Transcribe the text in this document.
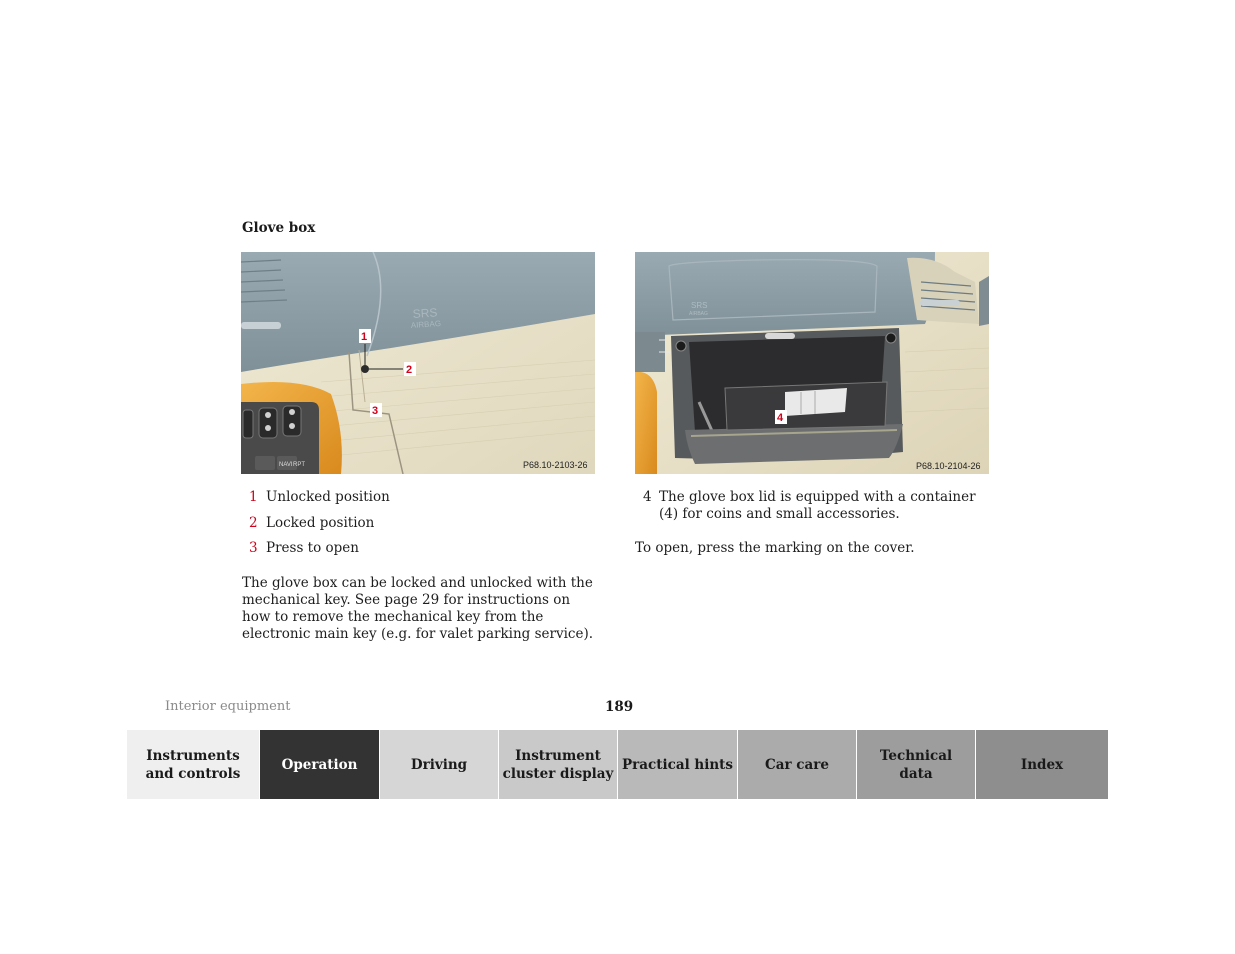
Glove box
NAVI RPT
SRS
AIRBAG
1
2
3
P68.10-2103-26
SRS
AIRBAG
4
P68.10-2104-26
1 Unlocked position
2 Locked position
3 Press to open

The glove box can be locked and unlocked with the mechanical key. See page 29 for instructions on how to remove the mechanical key from the electronic main key (e.g. for valet parking service).

4 The glove box lid is equipped with a container (4) for coins and small accessories.

To open, press the marking on the cover.

Interior equipment	189
Instruments
and controls
Operation	Driving
Instrument
cluster display
Practical hints	Car care
Technical
data
Index
